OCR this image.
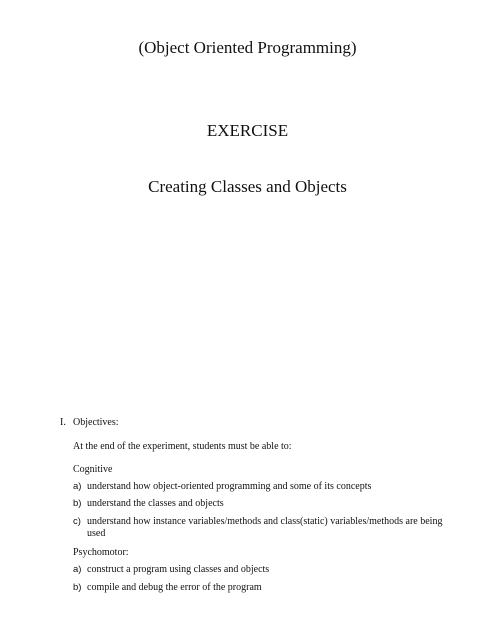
(Object Oriented Programming)
EXERCISE
Creating Classes and Objects
I. Objectives:
At the end of the experiment, students must be able to:
Cognitive
a) understand how object-oriented programming and some of its concepts
b) understand the classes and objects
c) understand how instance variables/methods and class(static) variables/methods are being used
Psychomotor:
a) construct a program using classes and objects
b) compile and debug the error of the program
